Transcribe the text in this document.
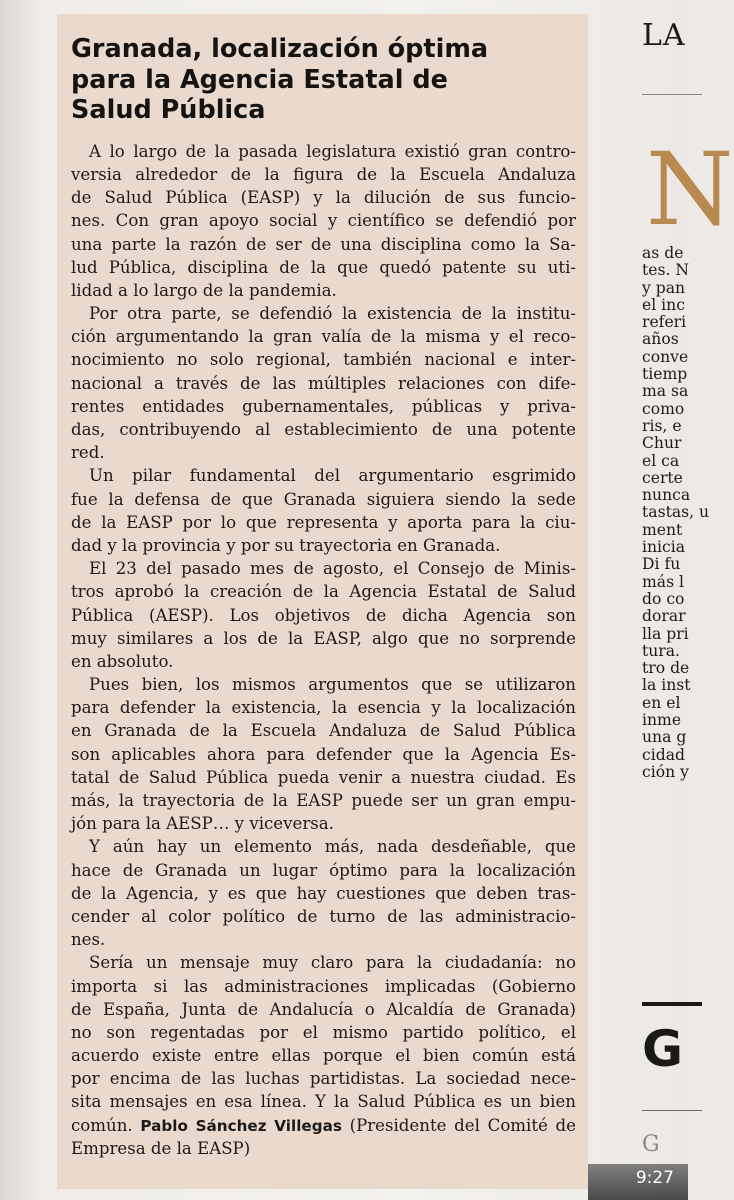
Granada, localización óptima
para la Agencia Estatal de
Salud Pública
A lo largo de la pasada legislatura existió gran contro-
versia alrededor de la figura de la Escuela Andaluza
de Salud Pública (EASP) y la dilución de sus funcio-
nes. Con gran apoyo social y científico se defendió por
una parte la razón de ser de una disciplina como la Sa-
lud Pública, disciplina de la que quedó patente su uti-
lidad a lo largo de la pandemia.
Por otra parte, se defendió la existencia de la institu-
ción argumentando la gran valía de la misma y el reco-
nocimiento no solo regional, también nacional e inter-
nacional a través de las múltiples relaciones con dife-
rentes entidades gubernamentales, públicas y priva-
das, contribuyendo al establecimiento de una potente
red.
Un pilar fundamental del argumentario esgrimido
fue la defensa de que Granada siguiera siendo la sede
de la EASP por lo que representa y aporta para la ciu-
dad y la provincia y por su trayectoria en Granada.
El 23 del pasado mes de agosto, el Consejo de Minis-
tros aprobó la creación de la Agencia Estatal de Salud
Pública (AESP). Los objetivos de dicha Agencia son
muy similares a los de la EASP, algo que no sorprende
en absoluto.
Pues bien, los mismos argumentos que se utilizaron
para defender la existencia, la esencia y la localización
en Granada de la Escuela Andaluza de Salud Pública
son aplicables ahora para defender que la Agencia Es-
tatal de Salud Pública pueda venir a nuestra ciudad. Es
más, la trayectoria de la EASP puede ser un gran empu-
jón para la AESP… y viceversa.
Y aún hay un elemento más, nada desdeñable, que
hace de Granada un lugar óptimo para la localización
de la Agencia, y es que hay cuestiones que deben tras-
cender al color político de turno de las administracio-
nes.
Sería un mensaje muy claro para la ciudadanía: no
importa si las administraciones implicadas (Gobierno
de España, Junta de Andalucía o Alcaldía de Granada)
no son regentadas por el mismo partido político, el
acuerdo existe entre ellas porque el bien común está
por encima de las luchas partidistas. La sociedad nece-
sita mensajes en esa línea. Y la Salud Pública es un bien
común. Pablo Sánchez Villegas (Presidente del Comité de
Empresa de la EASP)
LA
N
as de
tes. N
y pan
el inc
referi
años
conve
tiemp
ma sa
como
ris, e
Chur
el ca
certe
nunca
tastas, u
ment
inicia
Di fu
más l
do co
dorar
lla pri
tura.
tro de
la inst
en el
inme
una g
cidad
ción y
G
G
9:27
